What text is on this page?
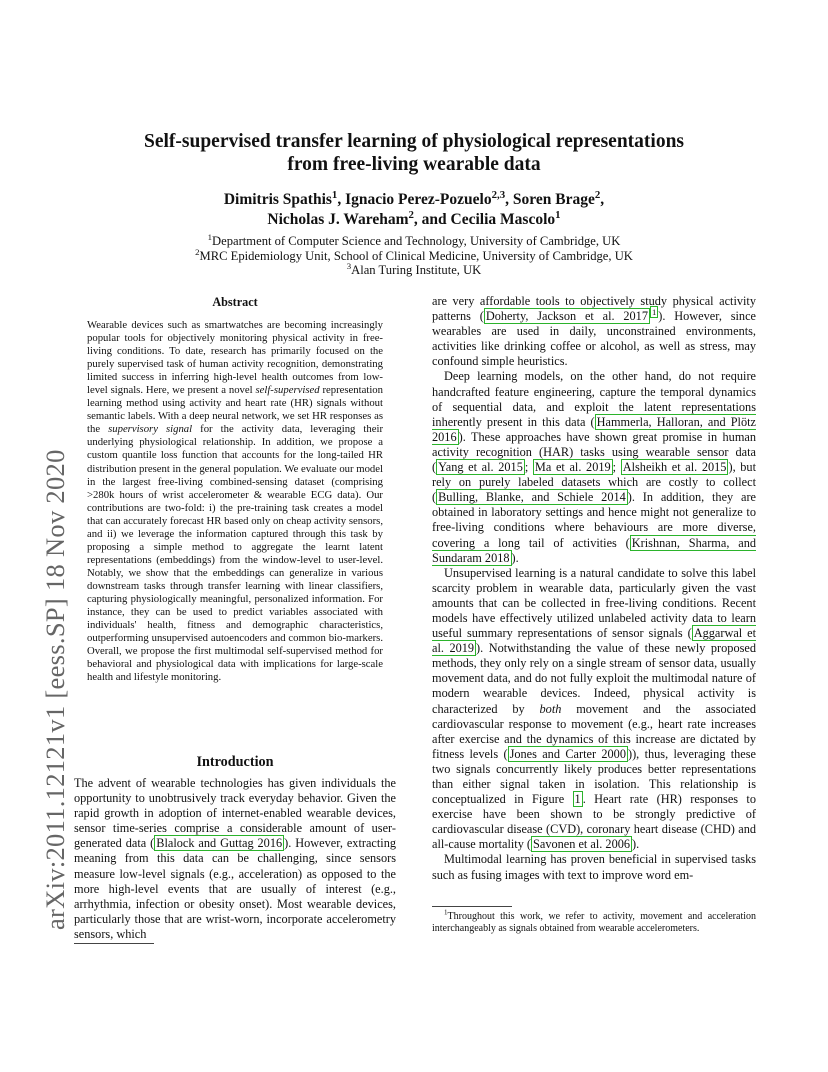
arXiv:2011.12121v1 [eess.SP] 18 Nov 2020
Self-supervised transfer learning of physiological representations
from free-living wearable data
Dimitris Spathis$^1$, Ignacio Perez-Pozuelo$^{2,3}$, Soren Brage$^2$,
Nicholas J. Wareham$^2$, and Cecilia Mascolo$^1$
$^1$Department of Computer Science and Technology, University of Cambridge, UK
$^2$MRC Epidemiology Unit, School of Clinical Medicine, University of Cambridge, UK
$^3$Alan Turing Institute, UK
Abstract
Wearable devices such as smartwatches are becoming increasingly popular tools for objectively monitoring physical activity in free-living conditions. To date, research has primarily focused on the purely supervised task of human activity recognition, demonstrating limited success in inferring high-level health outcomes from low-level signals. Here, we present a novel self-supervised representation learning method using activity and heart rate (HR) signals without semantic labels. With a deep neural network, we set HR responses as the supervisory signal for the activity data, leveraging their underlying physiological relationship. In addition, we propose a custom quantile loss function that accounts for the long-tailed HR distribution present in the general population. We evaluate our model in the largest free-living combined-sensing dataset (comprising >280k hours of wrist accelerometer & wearable ECG data). Our contributions are two-fold: i) the pre-training task creates a model that can accurately forecast HR based only on cheap activity sensors, and ii) we leverage the information captured through this task by proposing a simple method to aggregate the learnt latent representations (embeddings) from the window-level to user-level. Notably, we show that the embeddings can generalize in various downstream tasks through transfer learning with linear classifiers, capturing physiologically meaningful, personalized information. For instance, they can be used to predict variables associated with individuals' health, fitness and demographic characteristics, outperforming unsupervised autoencoders and common bio-markers. Overall, we propose the first multimodal self-supervised method for behavioral and physiological data with implications for large-scale health and lifestyle monitoring.
Introduction

The advent of wearable technologies has given individuals the opportunity to unobtrusively track everyday behavior. Given the rapid growth in adoption of internet-enabled wearable devices, sensor time-series comprise a considerable amount of user-generated data ( Blalock and Guttag 2016 ). However, extracting meaning from this data can be challenging, since sensors measure low-level signals (e.g., acceleration) as opposed to the more high-level events that are usually of interest (e.g., arrhythmia, infection or obesity onset). Most wearable devices, particularly those that are wrist-worn, incorporate accelerometry sensors, which

are very affordable tools to objectively study physical activity patterns ( Doherty, Jackson et al. 2017 $^1$ ). However, since wearables are used in daily, unconstrained environments, activities like drinking coffee or alcohol, as well as stress, may confound simple heuristics.

Deep learning models, on the other hand, do not require handcrafted feature engineering, capture the temporal dynamics of sequential data, and exploit the latent representations inherently present in this data ( Hammerla, Halloran, and Plötz 2016 ). These approaches have shown great promise in human activity recognition (HAR) tasks using wearable sensor data ( Yang et al. 2015 ; Ma et al. 2019 ; Alsheikh et al. 2015 ), but rely on purely labeled datasets which are costly to collect ( Bulling, Blanke, and Schiele 2014 ). In addition, they are obtained in laboratory settings and hence might not generalize to free-living conditions where behaviours are more diverse, covering a long tail of activities ( Krishnan, Sharma, and Sundaram 2018 ).

Unsupervised learning is a natural candidate to solve this label scarcity problem in wearable data, particularly given the vast amounts that can be collected in free-living conditions. Recent models have effectively utilized unlabeled activity data to learn useful summary representations of sensor signals ( Aggarwal et al. 2019 ). Notwithstanding the value of these newly proposed methods, they only rely on a single stream of sensor data, usually movement data, and do not fully exploit the multimodal nature of modern wearable devices. Indeed, physical activity is characterized by both movement and the associated cardiovascular response to movement (e.g., heart rate increases after exercise and the dynamics of this increase are dictated by fitness levels ( Jones and Carter 2000 )), thus, leveraging these two signals concurrently likely produces better representations than either signal taken in isolation. This relationship is conceptualized in Figure 1 . Heart rate (HR) responses to exercise have been shown to be strongly predictive of cardiovascular disease (CVD), coronary heart disease (CHD) and all-cause mortality ( Savonen et al. 2006 ).

Multimodal learning has proven beneficial in supervised tasks such as fusing images with text to improve word em-

$^1$Throughout this work, we refer to activity, movement and acceleration interchangeably as signals obtained from wearable accelerometers.
